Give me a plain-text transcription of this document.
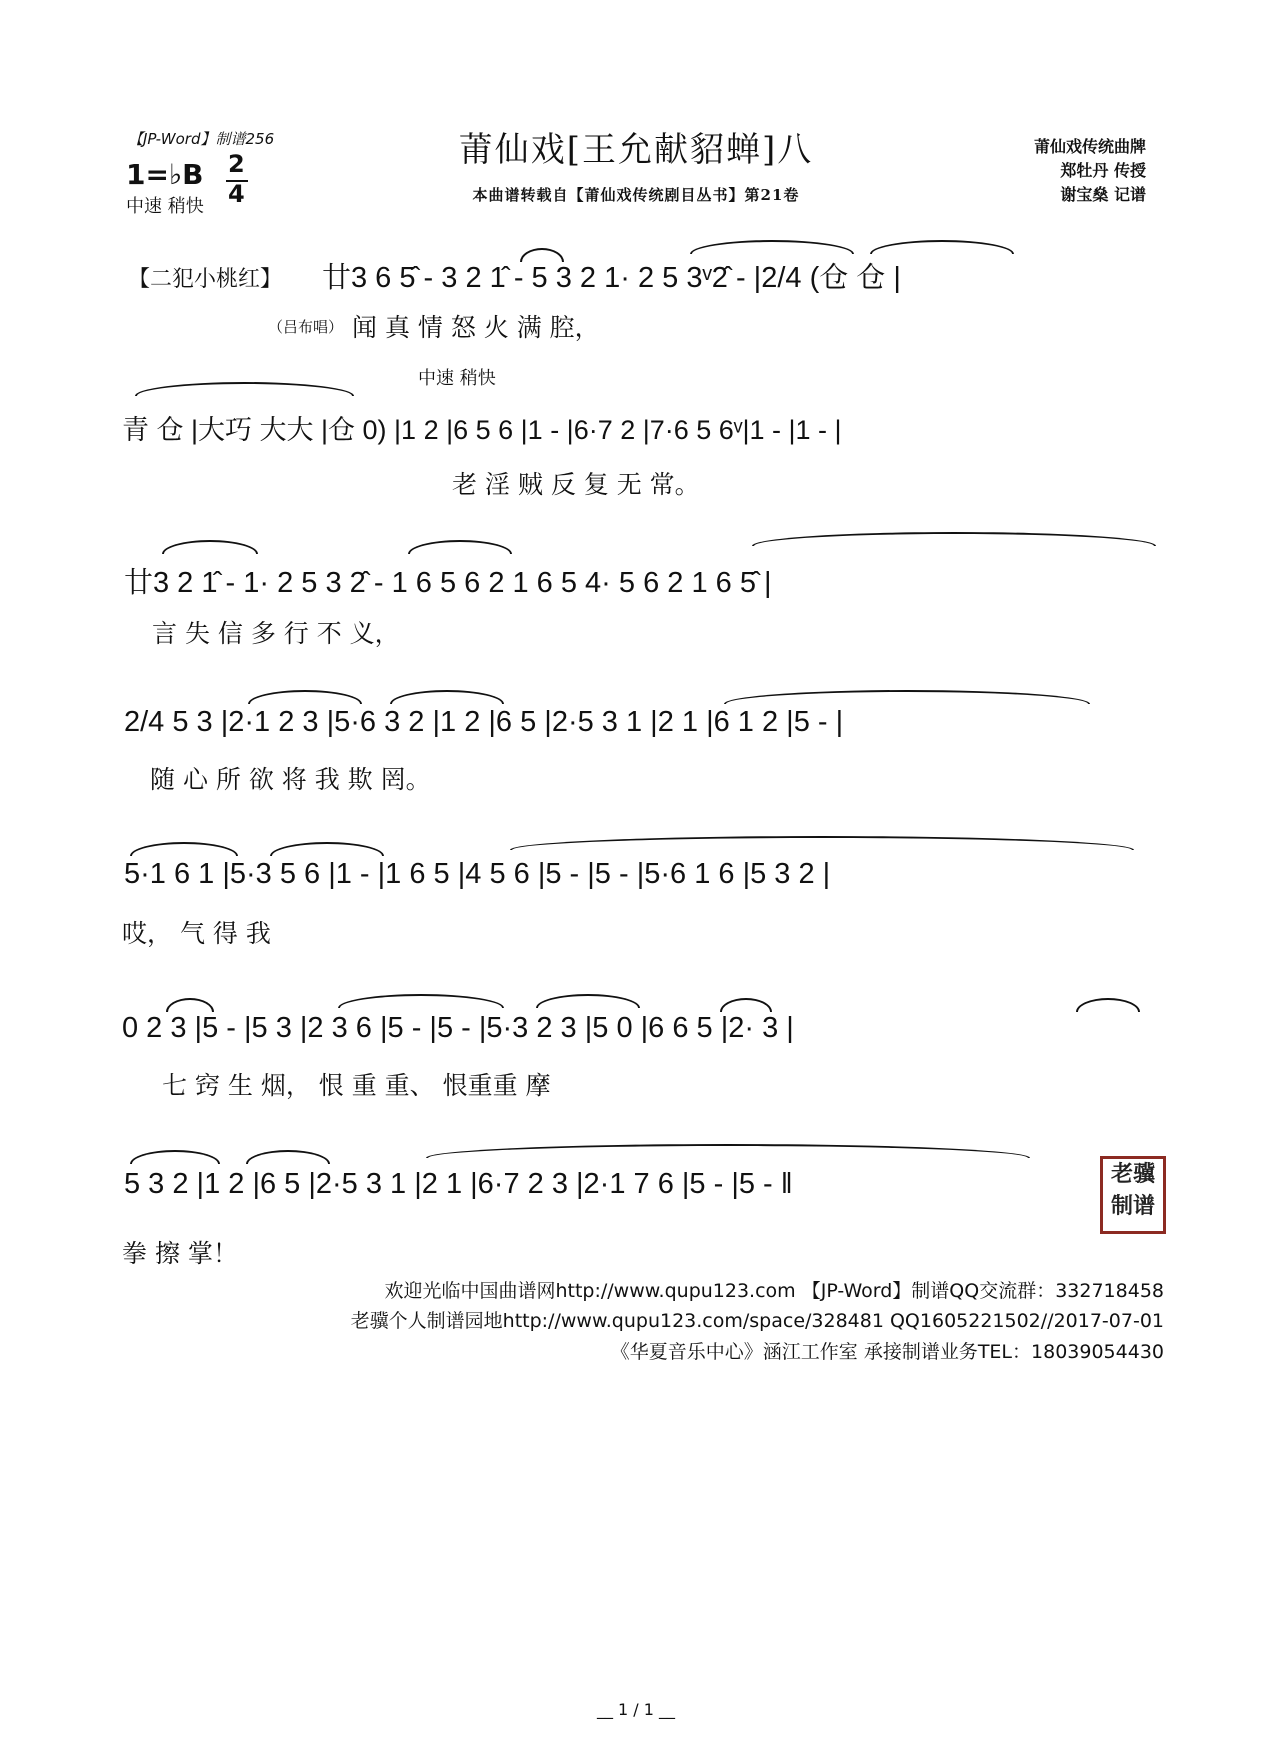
【JP-Word】制谱256	莆仙戏[王允献貂蝉]八
本曲谱转载自【莆仙戏传统剧目丛书】第21卷
1=♭B 2
4
中速 稍快
莆仙戏传统曲牌
郑牡丹 传授
谢宝燊 记谱
【二犯小桃红】 廿3 6 5̂ - 3 2 1̂ - 5 3 2 1· 2 5 3ᵛ2̂ - |2/4 (仓 仓 |
（吕布唱） 闻 真 情 怒 火 满 腔，
中速 稍快
青 仓 |大巧 大大 |仓 0) |1 2 |6 5 6 |1 - |6·7 2 |7·6 5 6ᵛ|1 - |1 - |
老 淫 贼 反 复 无 常。
廿3 2 1̂ - 1· 2 5 3 2̂ - 1 6 5 6 2 1 6 5 4· 5 6 2 1 6 5̂ |
言 失 信 多 行 不 义，
2/4 5 3 |2·1 2 3 |5·6 3 2 |1 2 |6 5 |2·5 3 1 |2 1 |6 1 2 |5 - |
随 心 所 欲 将 我 欺 罔。
5·1 6 1 |5·3 5 6 |1 - |1 6 5 |4 5 6 |5 - |5 - |5·6 1 6 |5 3 2 |
哎， 气 得 我
0 2 3 |5 - |5 3 |2 3 6 |5 - |5 - |5·3 2 3 |5 0 |6 6 5 |2· 3 |
七 窍 生 烟， 恨 重 重、 恨重重 摩
5 3 2 |1 2 |6 5 |2·5 3 1 |2 1 |6·7 2 3 |2·1 7 6 |5 - |5 - ‖
拳 擦 掌！
老骥
制谱
欢迎光临中国曲谱网http://www.qupu123.com 【JP-Word】制谱QQ交流群：332718458
老骥个人制谱园地http://www.qupu123.com/space/328481 QQ1605221502//2017-07-01
《华夏音乐中心》涵江工作室 承接制谱业务TEL：18039054430
__ 1 / 1 __
